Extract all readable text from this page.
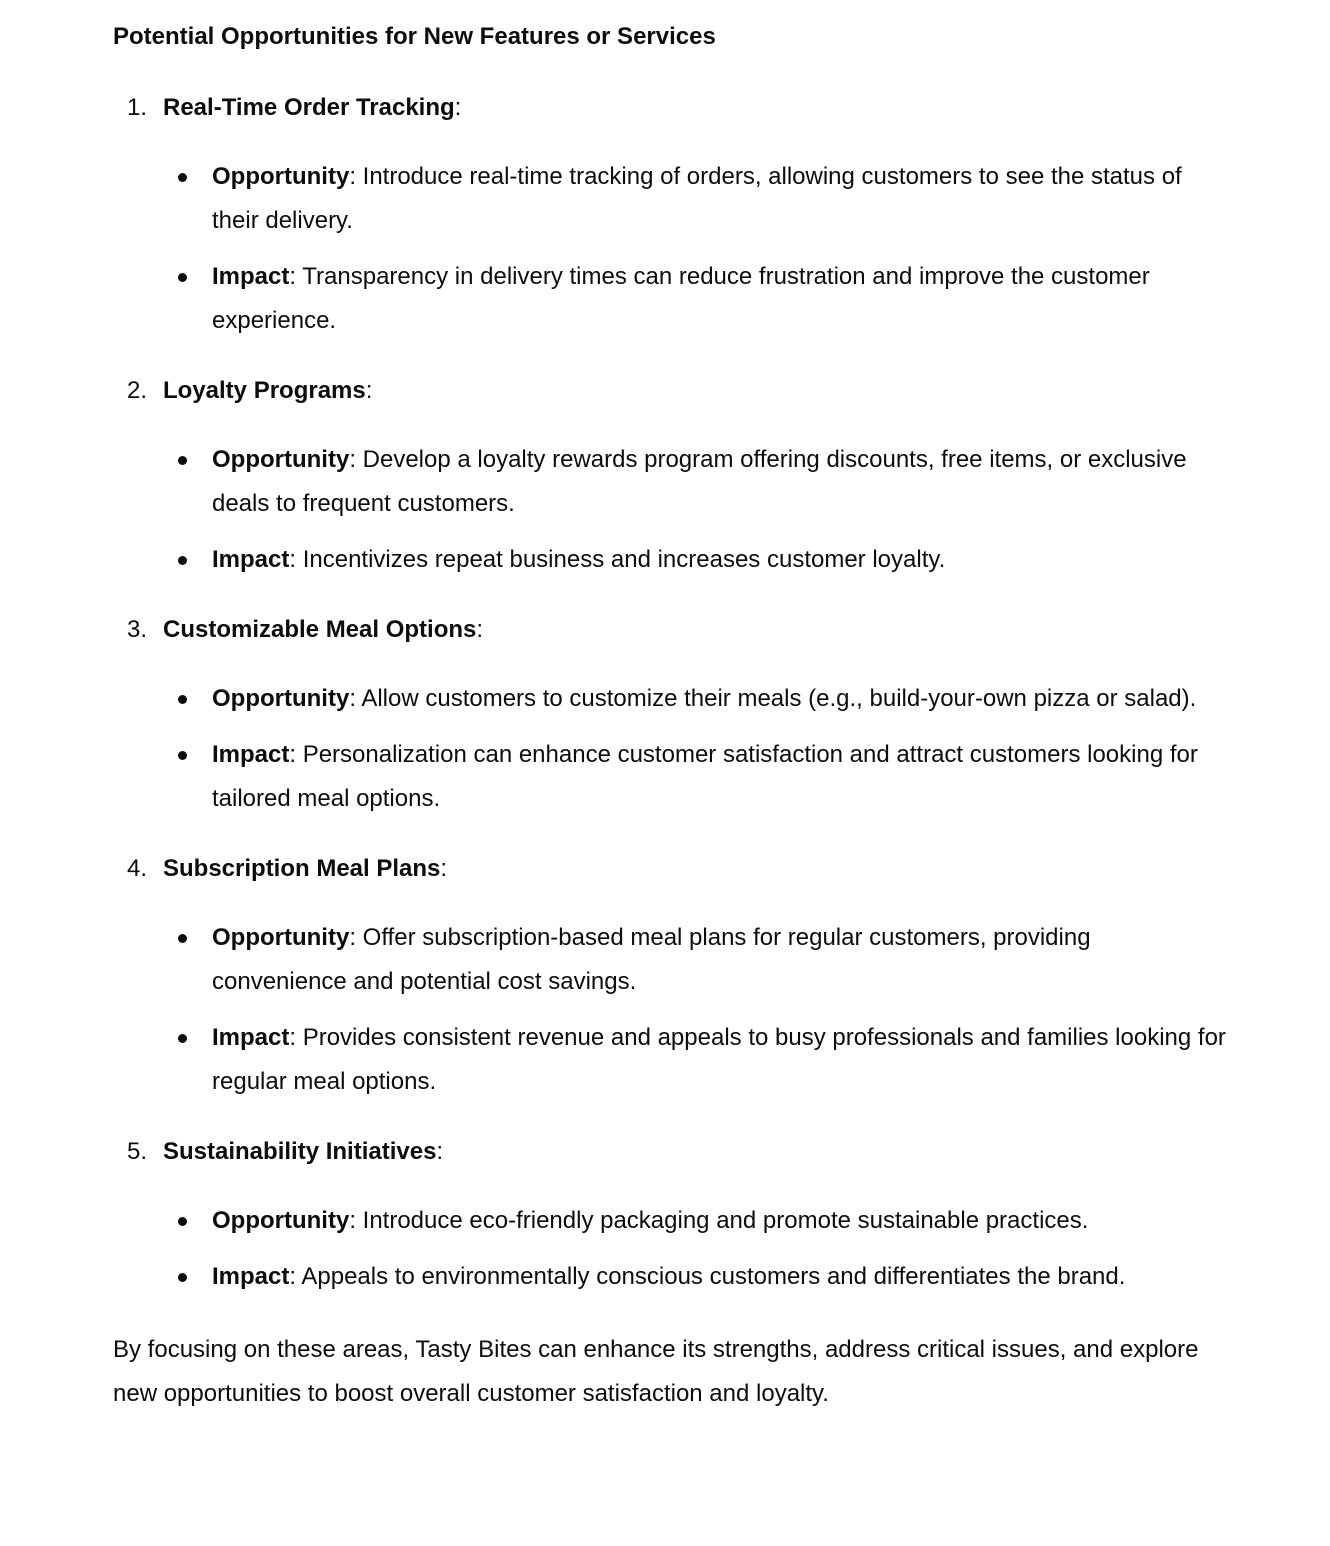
Potential Opportunities for New Features or Services
1. Real-Time Order Tracking:
Opportunity: Introduce real-time tracking of orders, allowing customers to see the status of their delivery.
Impact: Transparency in delivery times can reduce frustration and improve the customer experience.
2. Loyalty Programs:
Opportunity: Develop a loyalty rewards program offering discounts, free items, or exclusive deals to frequent customers.
Impact: Incentivizes repeat business and increases customer loyalty.
3. Customizable Meal Options:
Opportunity: Allow customers to customize their meals (e.g., build-your-own pizza or salad).
Impact: Personalization can enhance customer satisfaction and attract customers looking for tailored meal options.
4. Subscription Meal Plans:
Opportunity: Offer subscription-based meal plans for regular customers, providing convenience and potential cost savings.
Impact: Provides consistent revenue and appeals to busy professionals and families looking for regular meal options.
5. Sustainability Initiatives:
Opportunity: Introduce eco-friendly packaging and promote sustainable practices.
Impact: Appeals to environmentally conscious customers and differentiates the brand.

By focusing on these areas, Tasty Bites can enhance its strengths, address critical issues, and explore new opportunities to boost overall customer satisfaction and loyalty.
